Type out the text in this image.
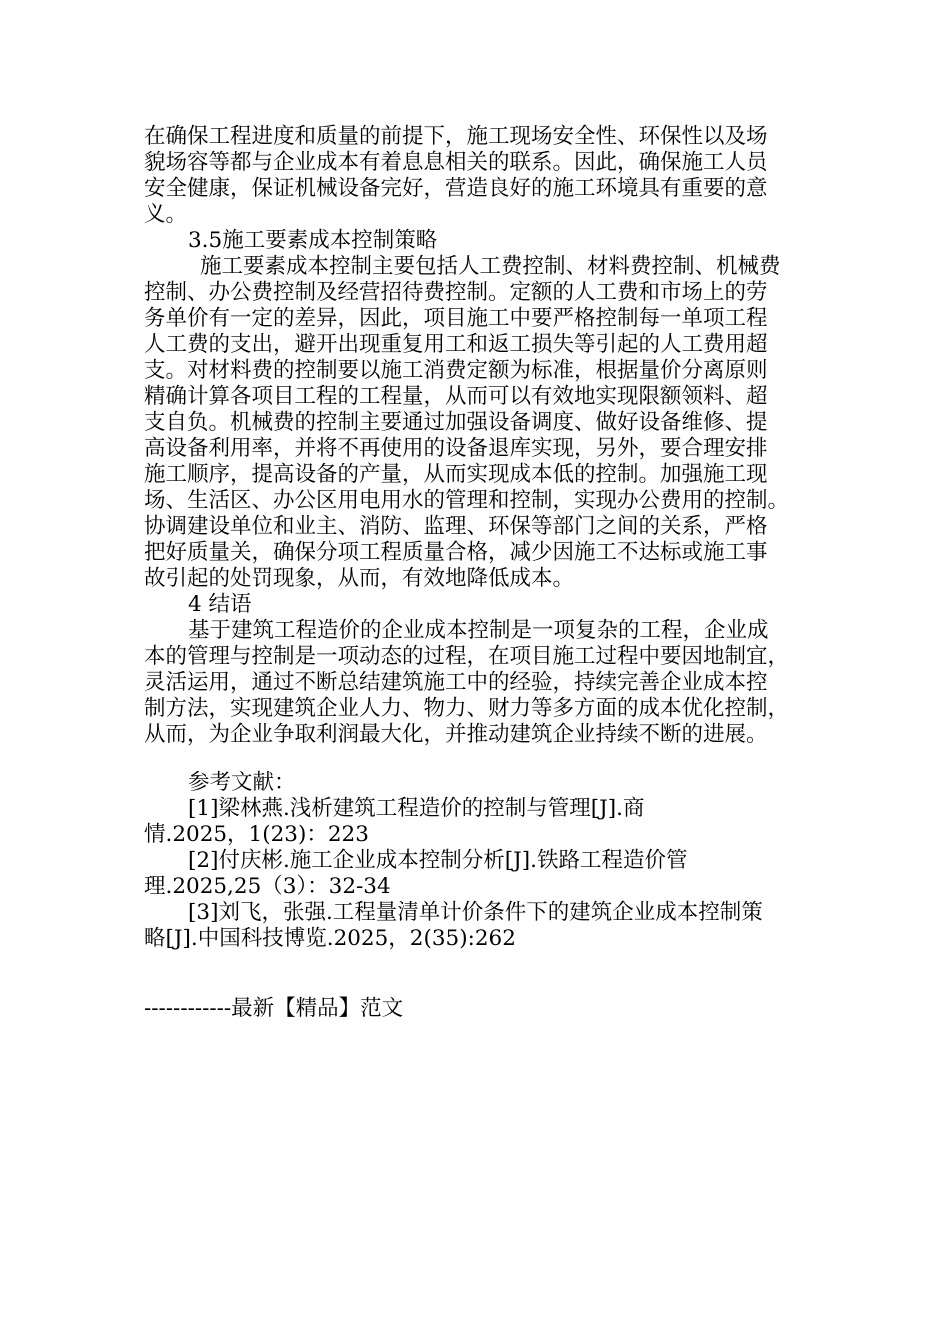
在确保工程进度和质量的前提下，施工现场安全性、环保性以及场
貌场容等都与企业成本有着息息相关的联系。因此，确保施工人员
安全健康，保证机械设备完好，营造良好的施工环境具有重要的意
义。
3.5施工要素成本控制策略
施工要素成本控制主要包括人工费控制、材料费控制、机械费
控制、办公费控制及经营招待费控制。定额的人工费和市场上的劳
务单价有一定的差异，因此，项目施工中要严格控制每一单项工程
人工费的支出，避开出现重复用工和返工损失等引起的人工费用超
支。对材料费的控制要以施工消费定额为标准，根据量价分离原则
精确计算各项目工程的工程量，从而可以有效地实现限额领料、超
支自负。机械费的控制主要通过加强设备调度、做好设备维修、提
高设备利用率，并将不再使用的设备退库实现，另外，要合理安排
施工顺序，提高设备的产量，从而实现成本低的控制。加强施工现
场、生活区、办公区用电用水的管理和控制，实现办公费用的控制。
协调建设单位和业主、消防、监理、环保等部门之间的关系，严格
把好质量关，确保分项工程质量合格，减少因施工不达标或施工事
故引起的处罚现象，从而，有效地降低成本。
4 结语
基于建筑工程造价的企业成本控制是一项复杂的工程，企业成
本的管理与控制是一项动态的过程，在项目施工过程中要因地制宜，
灵活运用，通过不断总结建筑施工中的经验，持续完善企业成本控
制方法，实现建筑企业人力、物力、财力等多方面的成本优化控制，
从而，为企业争取利润最大化，并推动建筑企业持续不断的进展。
参考文献：
[1]梁林燕.浅析建筑工程造价的控制与管理[J].商
情.2025，1(23)：223
[2]付庆彬.施工企业成本控制分析[J].铁路工程造价管
理.2025,25（3）：32-34
[3]刘飞，张强.工程量清单计价条件下的建筑企业成本控制策
略[J].中国科技博览.2025，2(35):262
------------最新【精品】范文
